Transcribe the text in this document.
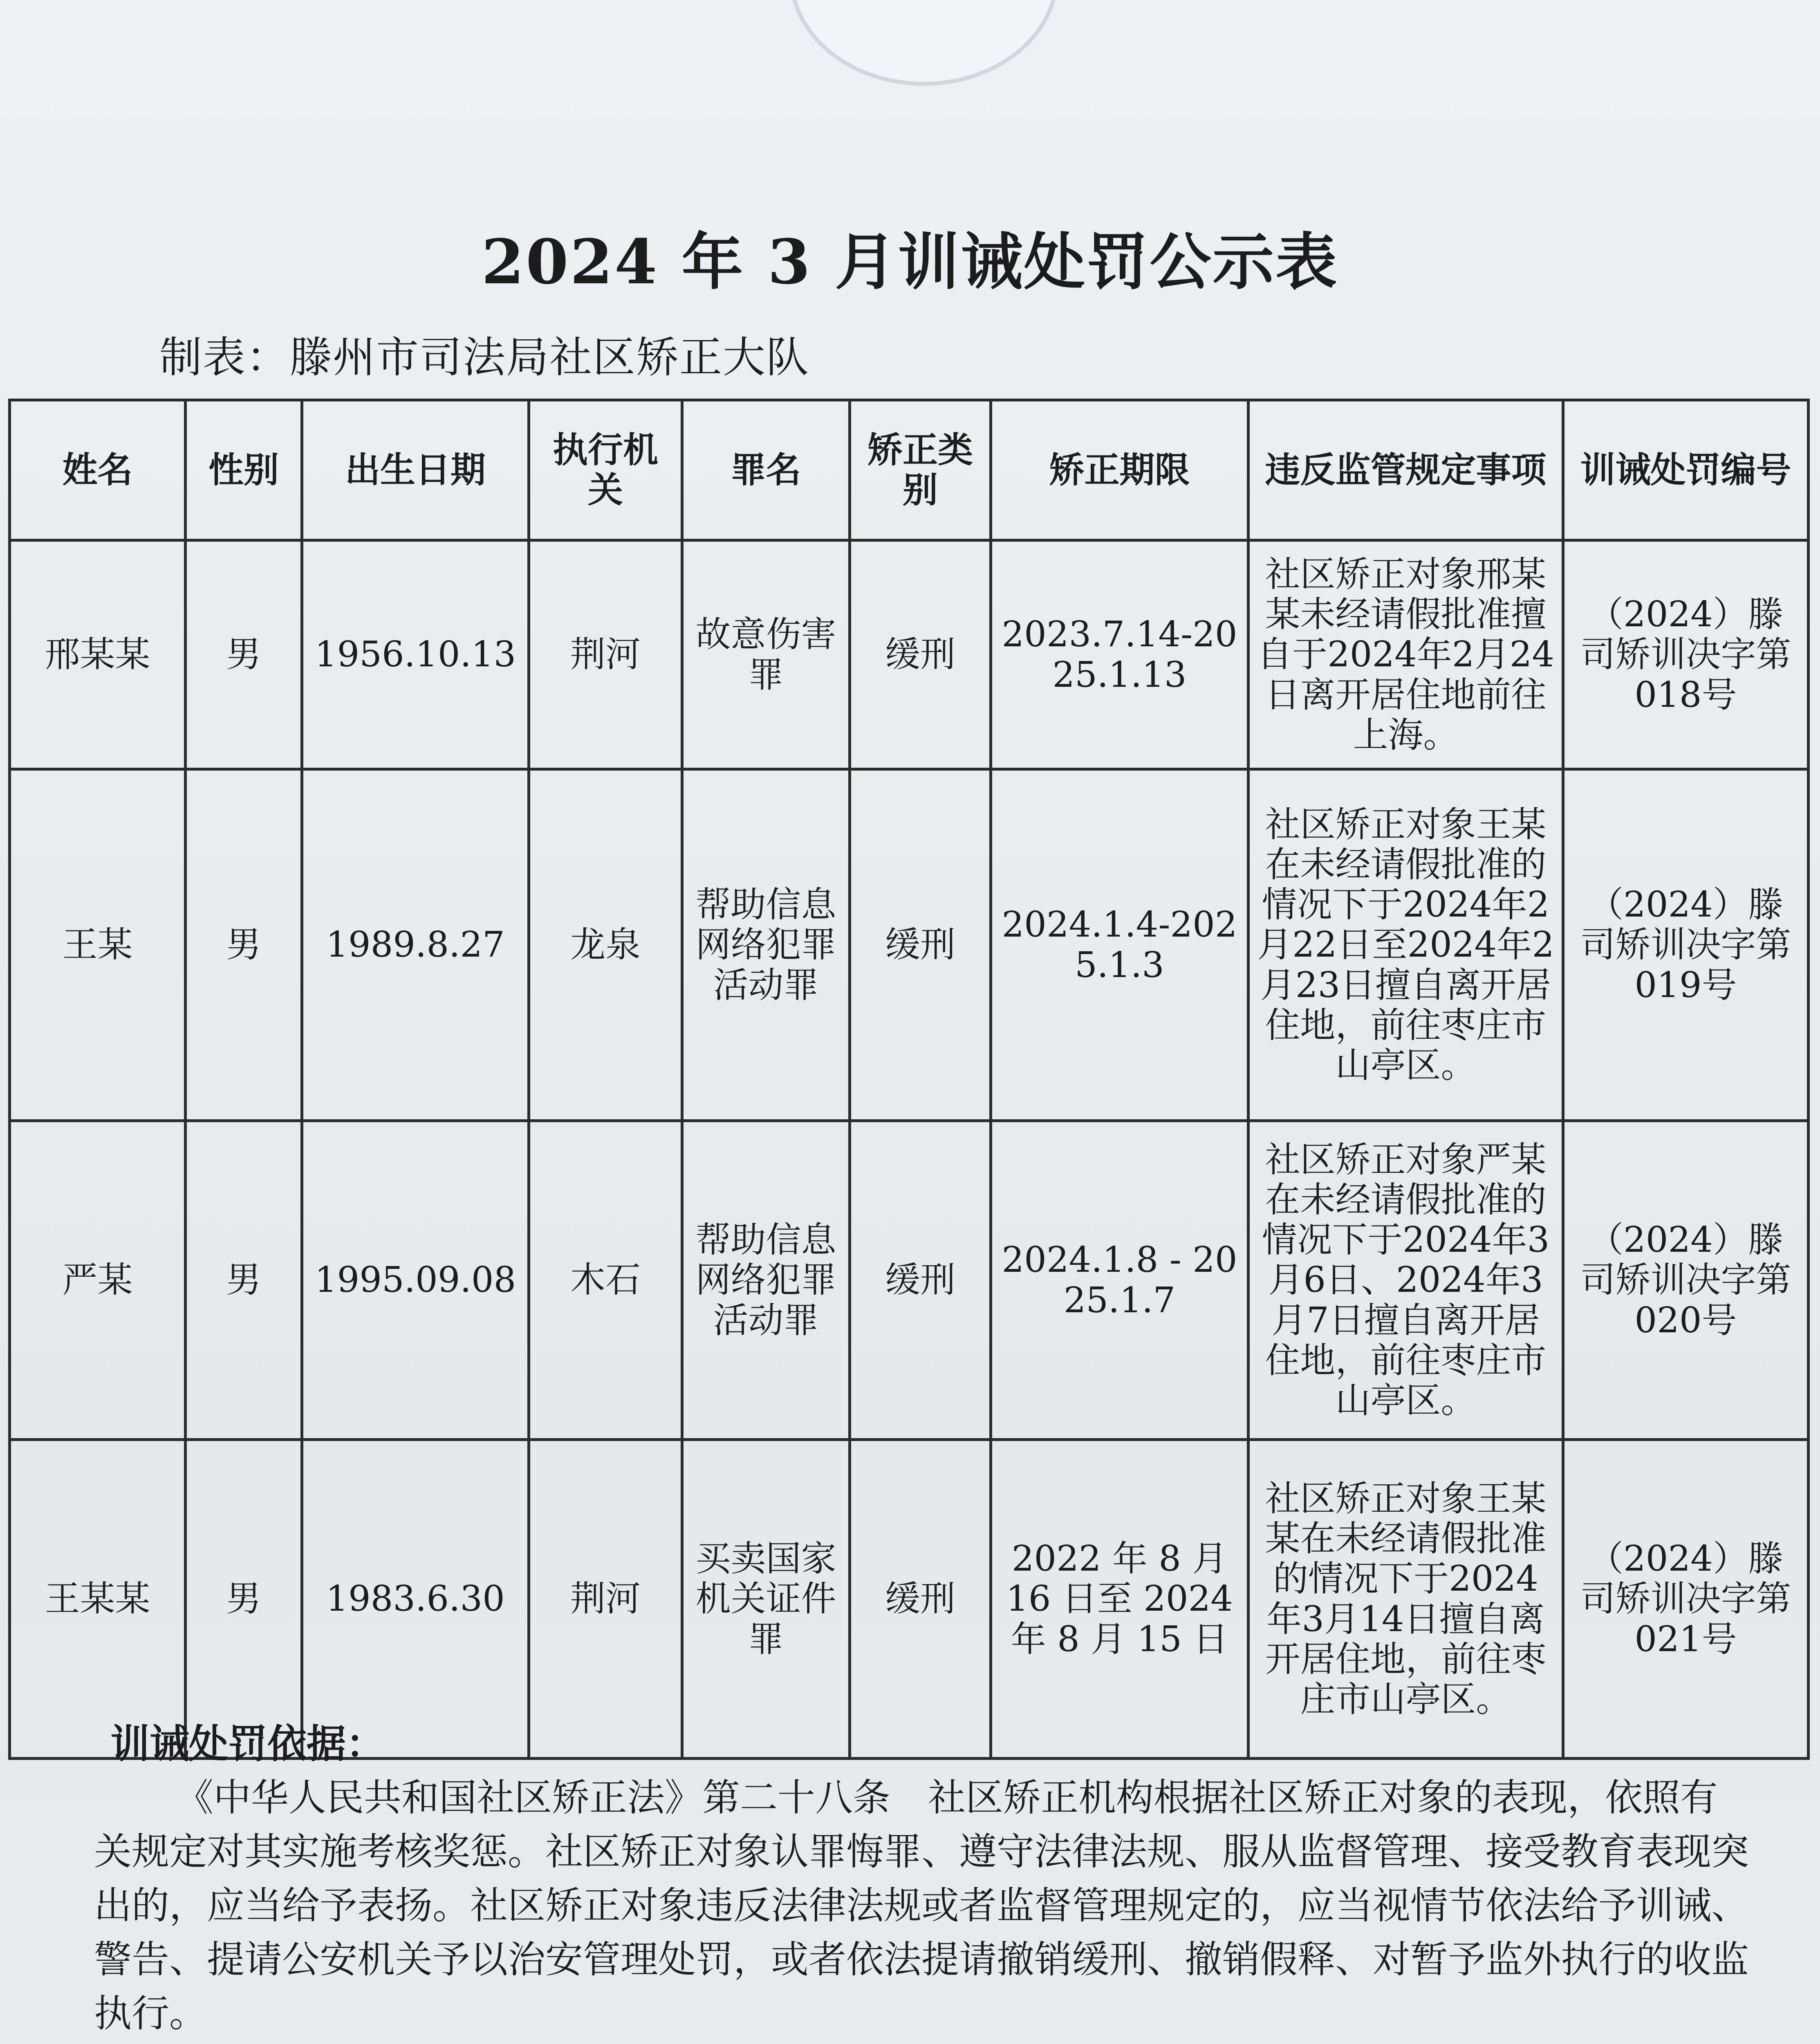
2024 年 3 月训诫处罚公示表
制表：滕州市司法局社区矫正大队
姓名	性别	出生日期	执行机关	罪名	矫正类别	矫正期限	违反监管规定事项	训诫处罚编号
邢某某	男	1956.10.13	荆河	故意伤害罪	缓刑	2023.7.14-2025.1.13	社区矫正对象邢某某未经请假批准擅自于2024年2月24日离开居住地前往上海。	（2024）滕司矫训决字第018号
王某	男	1989.8.27	龙泉	帮助信息网络犯罪活动罪	缓刑	2024.1.4-2025.1.3	社区矫正对象王某在未经请假批准的情况下于2024年2月22日至2024年2月23日擅自离开居住地，前往枣庄市山亭区。	（2024）滕司矫训决字第019号
严某	男	1995.09.08	木石	帮助信息网络犯罪活动罪	缓刑	2024.1.8 - 2025.1.7	社区矫正对象严某在未经请假批准的情况下于2024年3月6日、2024年3月7日擅自离开居住地，前往枣庄市山亭区。	（2024）滕司矫训决字第020号
王某某	男	1983.6.30	荆河	买卖国家机关证件罪	缓刑	2022 年 8 月 16 日至 2024 年 8 月 15 日	社区矫正对象王某某在未经请假批准的情况下于2024年3月14日擅自离开居住地，前往枣庄市山亭区。	（2024）滕司矫训决字第021号
训诫处罚依据：

《中华人民共和国社区矫正法》第二十八条　社区矫正机构根据社区矫正对象的表现，依照有关规定对其实施考核奖惩。社区矫正对象认罪悔罪、遵守法律法规、服从监督管理、接受教育表现突出的，应当给予表扬。社区矫正对象违反法律法规或者监督管理规定的，应当视情节依法给予训诫、警告、提请公安机关予以治安管理处罚，或者依法提请撤销缓刑、撤销假释、对暂予监外执行的收监执行。
